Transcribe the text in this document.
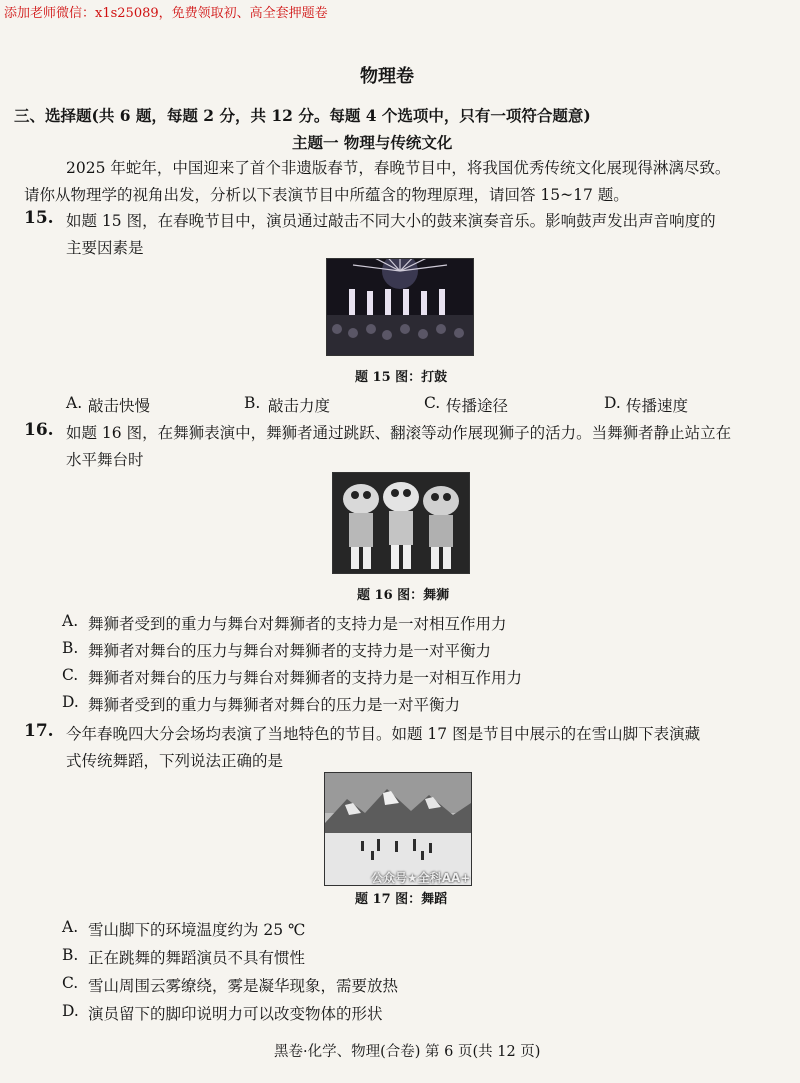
添加老师微信：x1s25089，免费领取初、高全套押题卷
物理卷
三、选择题(共 6 题，每题 2 分，共 12 分。每题 4 个选项中，只有一项符合题意)
主题一 物理与传统文化
2025 年蛇年，中国迎来了首个非遗版春节，春晚节目中，将我国优秀传统文化展现得淋漓尽致。
请你从物理学的视角出发，分析以下表演节目中所蕴含的物理原理，请回答 15~17 题。
15. 如题 15 图，在春晚节目中，演员通过敲击不同大小的鼓来演奏音乐。影响鼓声发出声音响度的
主要因素是
题 15 图：打鼓
A. 敲击快慢	B. 敲击力度	C. 传播途径	D. 传播速度
16. 如题 16 图，在舞狮表演中，舞狮者通过跳跃、翻滚等动作展现狮子的活力。当舞狮者静止站立在
水平舞台时
题 16 图：舞狮
A. 舞狮者受到的重力与舞台对舞狮者的支持力是一对相互作用力
B. 舞狮者对舞台的压力与舞台对舞狮者的支持力是一对平衡力
C. 舞狮者对舞台的压力与舞台对舞狮者的支持力是一对相互作用力
D. 舞狮者受到的重力与舞狮者对舞台的压力是一对平衡力
17. 今年春晚四大分会场均表演了当地特色的节目。如题 17 图是节目中展示的在雪山脚下表演藏
式传统舞蹈，下列说法正确的是
公众号★全科AA+
题 17 图：舞蹈
A. 雪山脚下的环境温度约为 25 ℃
B. 正在跳舞的舞蹈演员不具有惯性
C. 雪山周围云雾缭绕，雾是凝华现象，需要放热
D. 演员留下的脚印说明力可以改变物体的形状
黑卷·化学、物理(合卷) 第 6 页(共 12 页)
